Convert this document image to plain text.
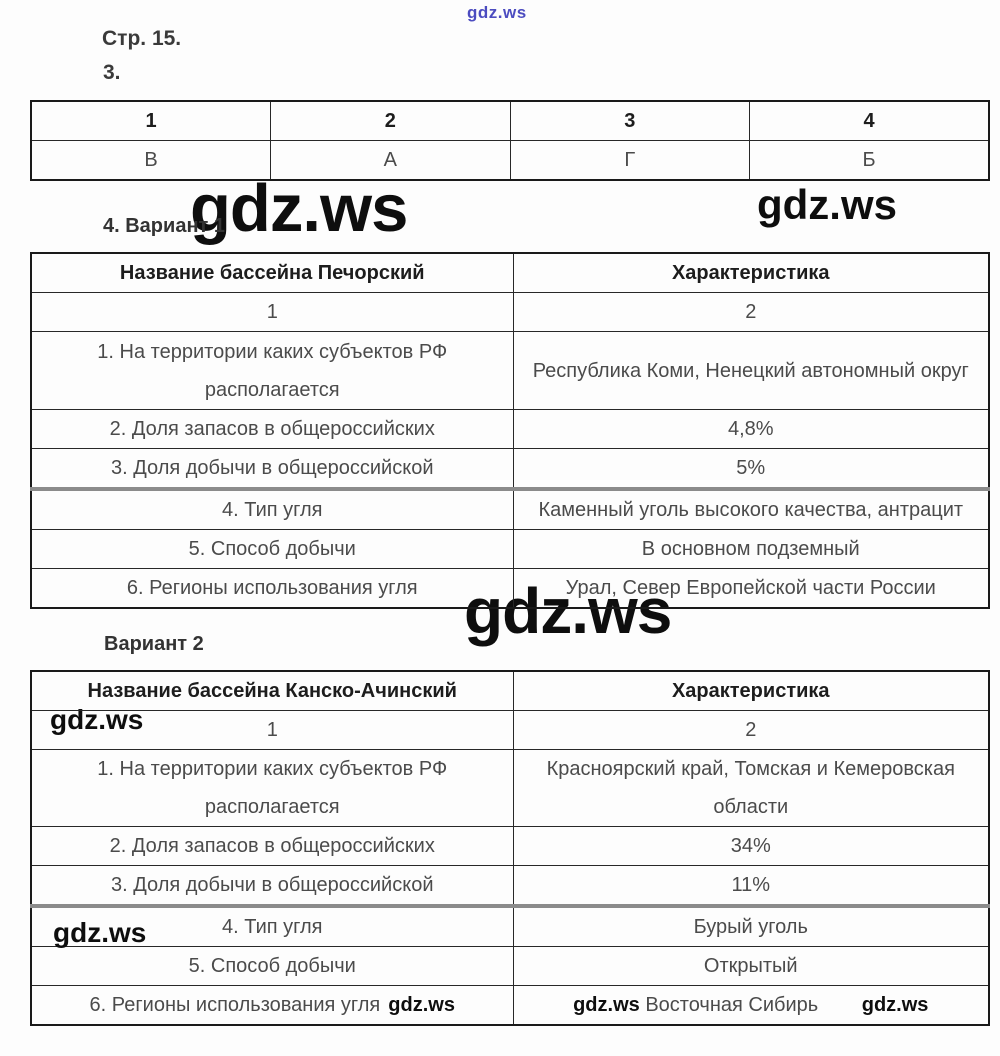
gdz.ws
gdz.ws	gdz.ws
gdz.ws
gdz.ws
gdz.ws
Стр. 15.
3.
4. Вариант 1
Вариант 2
1	2	3	4
В	А	Г	Б
Название бассейна Печорский	Характеристика
1	2
1. На территории каких субъектов РФ располагается	Республика Коми, Ненецкий автономный округ
2. Доля запасов в общероссийских	4,8%
3. Доля добычи в общероссийской	5%
4. Тип угля	Каменный уголь высокого качества, антрацит
5. Способ добычи	В основном подземный
6. Регионы использования угля	Урал, Север Европейской части России
Название бассейна Канско-Ачинский	Характеристика
1	2
1. На территории каких субъектов РФ располагается	Красноярский край, Томская и Кемеровская области
2. Доля запасов в общероссийских	34%
3. Доля добычи в общероссийской	11%
4. Тип угля	Бурый уголь
5. Способ добычи	Открытый
6. Регионы использования угля gdz.ws	gdz.ws Восточная Сибирь gdz.ws
